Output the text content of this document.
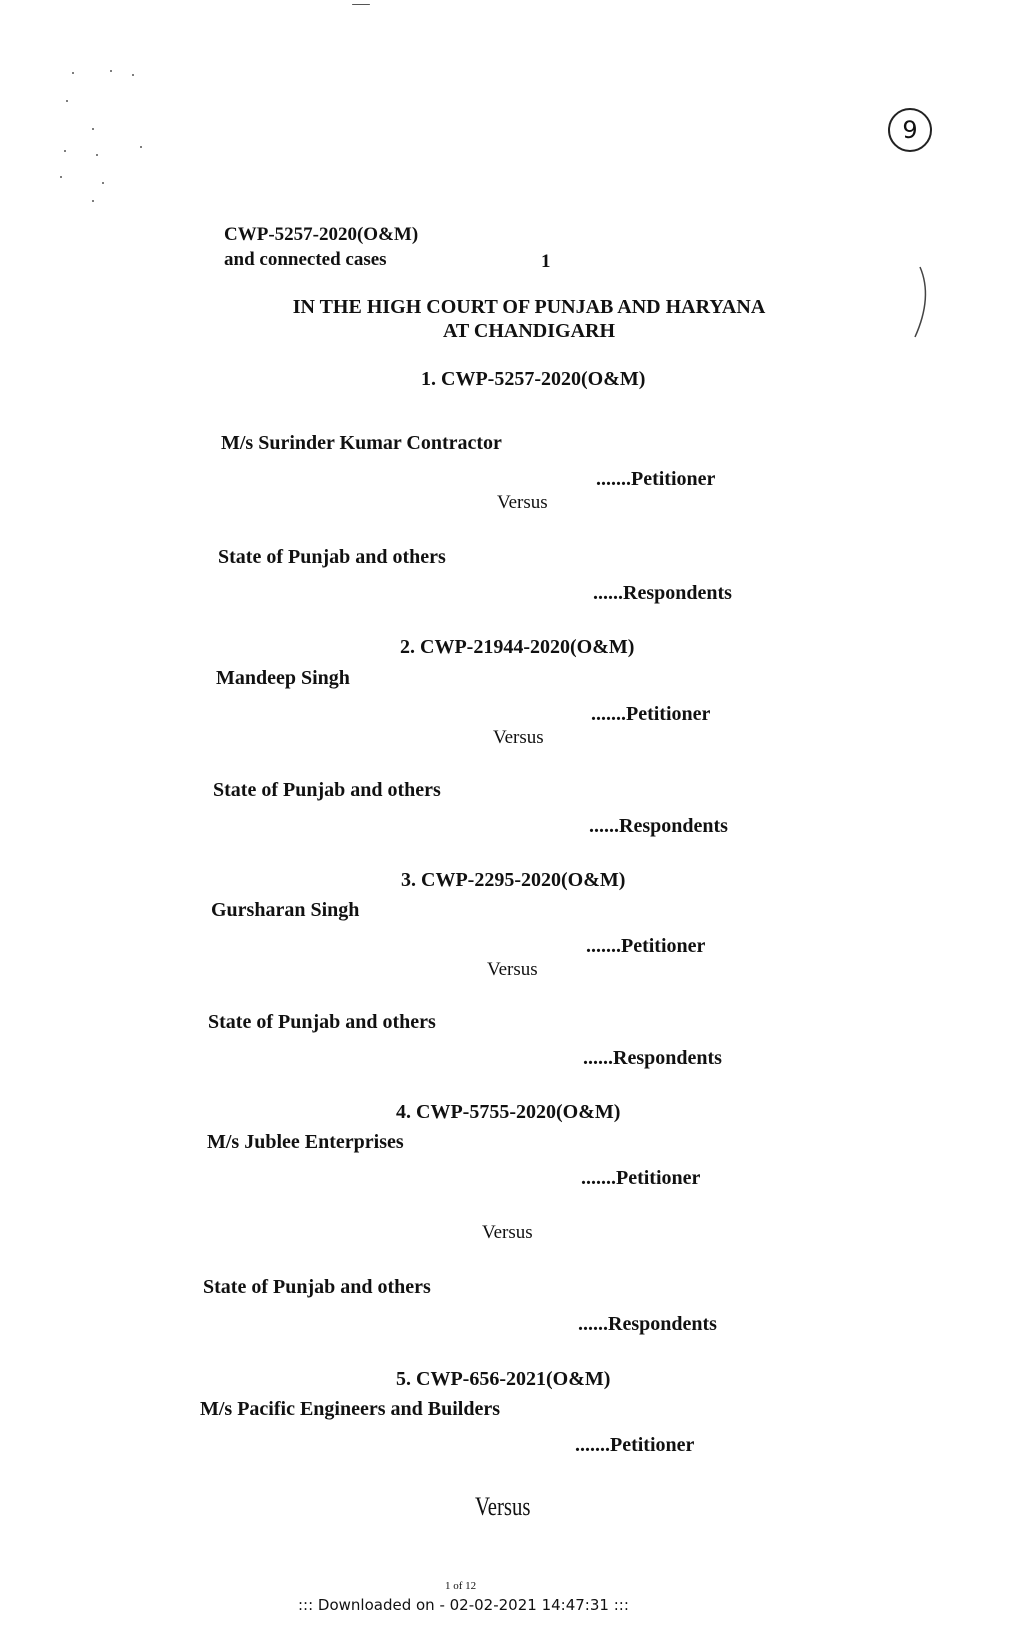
9
CWP-5257-2020(O&M)
and connected cases	1
IN THE HIGH COURT OF PUNJAB AND HARYANA
AT CHANDIGARH
1. CWP-5257-2020(O&M)
M/s Surinder Kumar Contractor
.......Petitioner
Versus
State of Punjab and others
......Respondents
2. CWP-21944-2020(O&M)
Mandeep Singh
.......Petitioner
Versus
State of Punjab and others
......Respondents
3. CWP-2295-2020(O&M)
Gursharan Singh
.......Petitioner
Versus
State of Punjab and others
......Respondents
4. CWP-5755-2020(O&M)
M/s Jublee Enterprises
.......Petitioner
Versus
State of Punjab and others
......Respondents
5. CWP-656-2021(O&M)
M/s Pacific Engineers and Builders
.......Petitioner
Versus
1 of 12
::: Downloaded on - 02-02-2021 14:47:31 :::
